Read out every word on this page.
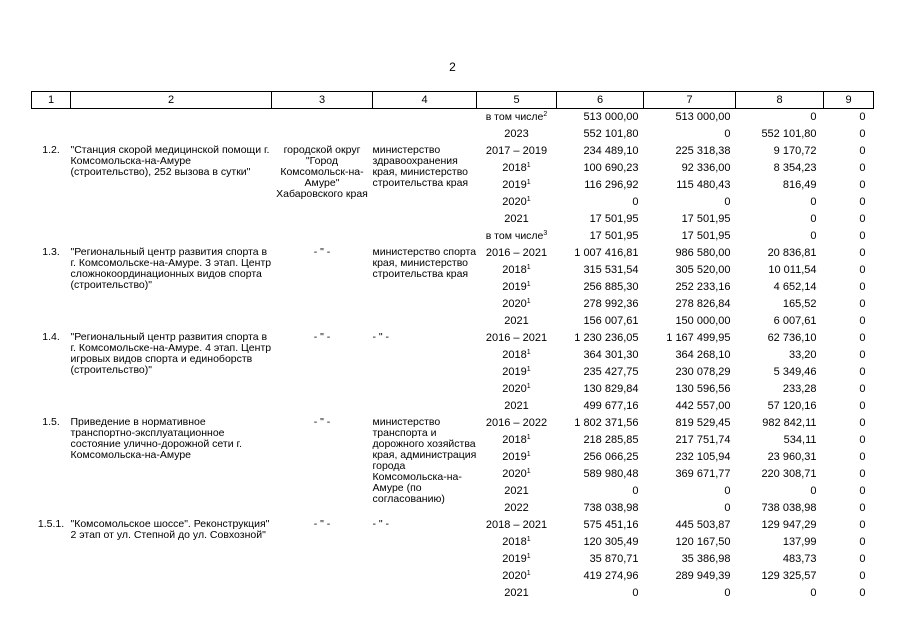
2
1	2	3	4	5	6	7	8	9
				в том числе$^2$	513 000,00	513 000,00	0	0
				2023	552 101,80	0	552 101,80	0
1.2.	"Станция скорой медицинской помощи г. Комсомольска-на-Амуре (строительство), 252 вызова в сутки"	городской округ "Город Комсомольск-на-Амуре" Хабаровского края	министерство здравоохранения края, министерство строительства края	2017 – 2019	234 489,10	225 318,38	9 170,72	0
				2018$^1$	100 690,23	92 336,00	8 354,23	0
				2019$^1$	116 296,92	115 480,43	816,49	0
				2020$^1$	0	0	0	0
				2021	17 501,95	17 501,95	0	0
				в том числе$^3$	17 501,95	17 501,95	0	0
1.3.	"Региональный центр развития спорта в г. Комсомольске-на-Амуре. 3 этап. Центр сложнокоординационных видов спорта (строительство)"	- " -	министерство спорта края, министерство строительства края	2016 – 2021	1 007 416,81	986 580,00	20 836,81	0
				2018$^1$	315 531,54	305 520,00	10 011,54	0
				2019$^1$	256 885,30	252 233,16	4 652,14	0
				2020$^1$	278 992,36	278 826,84	165,52	0
				2021	156 007,61	150 000,00	6 007,61	0
1.4.	"Региональный центр развития спорта в г. Комсомольске-на-Амуре. 4 этап. Центр игровых видов спорта и единоборств (строительство)"	- " -	- " -	2016 – 2021	1 230 236,05	1 167 499,95	62 736,10	0
				2018$^1$	364 301,30	364 268,10	33,20	0
				2019$^1$	235 427,75	230 078,29	5 349,46	0
				2020$^1$	130 829,84	130 596,56	233,28	0
				2021	499 677,16	442 557,00	57 120,16	0
1.5.	Приведение в нормативное транспортно-эксплуатационное состояние улично-дорожной сети г. Комсомольска-на-Амуре	- " -	министерство транспорта и дорожного хозяйства края, администрация города Комсомольска-на-Амуре (по согласованию)	2016 – 2022	1 802 371,56	819 529,45	982 842,11	0
				2018$^1$	218 285,85	217 751,74	534,11	0
				2019$^1$	256 066,25	232 105,94	23 960,31	0
				2020$^1$	589 980,48	369 671,77	220 308,71	0
				2021	0	0	0	0
				2022	738 038,98	0	738 038,98	0
1.5.1.	"Комсомольское шоссе". Реконструкция" 2 этап от ул. Степной до ул. Совхозной"	- " -	- " -	2018 – 2021	575 451,16	445 503,87	129 947,29	0
				2018$^1$	120 305,49	120 167,50	137,99	0
				2019$^1$	35 870,71	35 386,98	483,73	0
				2020$^1$	419 274,96	289 949,39	129 325,57	0
				2021	0	0	0	0
